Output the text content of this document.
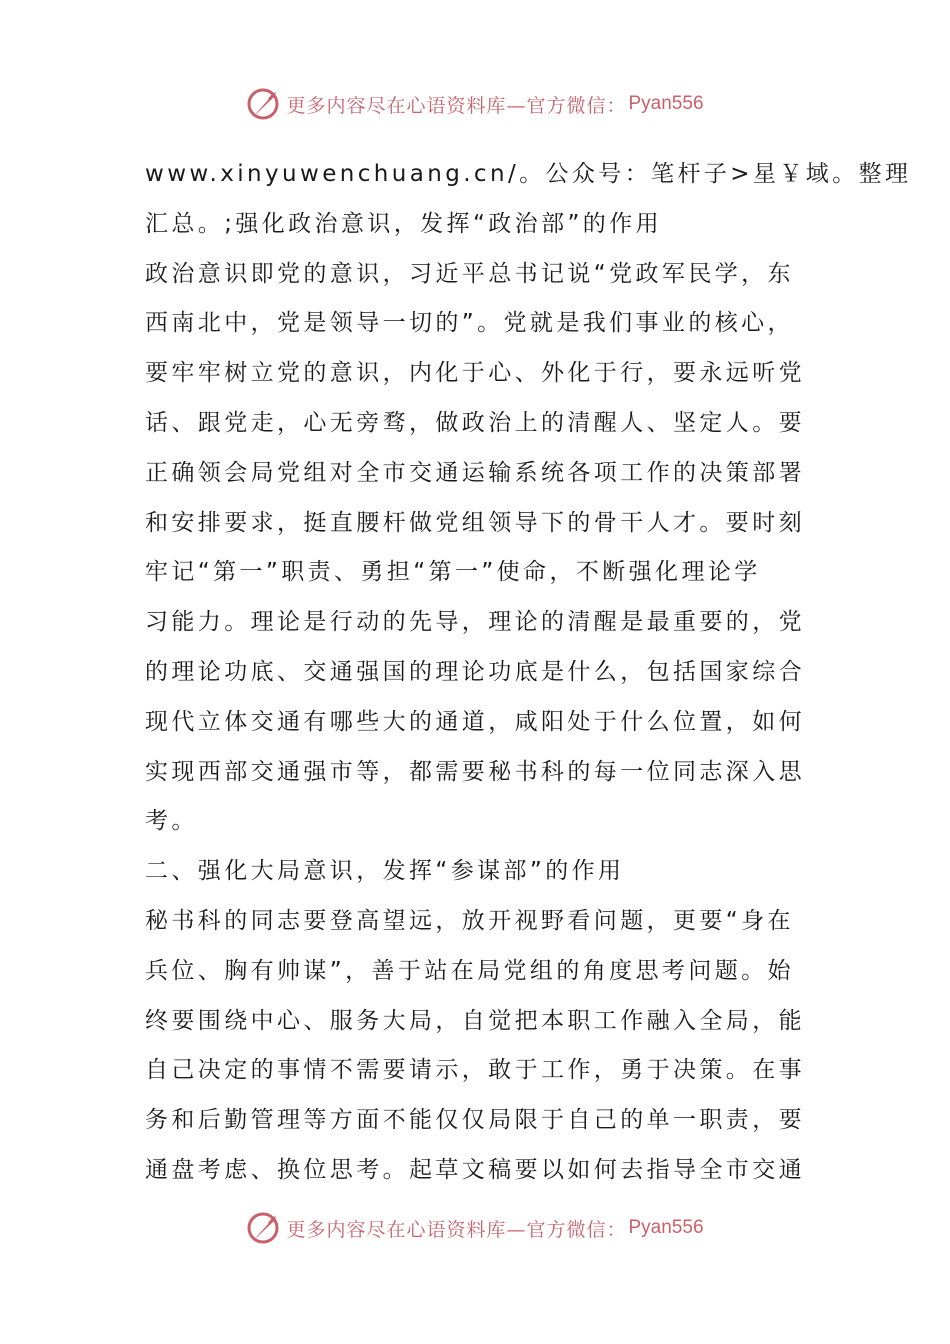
更多内容尽在心语资料库—官方微信： Pyan556
www.xinyuwenchuang.cn/。公众号：笔杆子>星￥域。整理
汇总。;强化政治意识，发挥“政治部”的作用
政治意识即党的意识，习近平总书记说“党政军民学，东
西南北中，党是领导一切的”。党就是我们事业的核心，
要牢牢树立党的意识，内化于心、外化于行，要永远听党
话、跟党走，心无旁骛，做政治上的清醒人、坚定人。要
正确领会局党组对全市交通运输系统各项工作的决策部署
和安排要求，挺直腰杆做党组领导下的骨干人才。要时刻
牢记“第一”职责、勇担“第一”使命，不断强化理论学
习能力。理论是行动的先导，理论的清醒是最重要的，党
的理论功底、交通强国的理论功底是什么，包括国家综合
现代立体交通有哪些大的通道，咸阳处于什么位置，如何
实现西部交通强市等，都需要秘书科的每一位同志深入思
考。
二、强化大局意识，发挥“参谋部”的作用
秘书科的同志要登高望远，放开视野看问题，更要“身在
兵位、胸有帅谋”，善于站在局党组的角度思考问题。始
终要围绕中心、服务大局，自觉把本职工作融入全局，能
自己决定的事情不需要请示，敢于工作，勇于决策。在事
务和后勤管理等方面不能仅仅局限于自己的单一职责，要
通盘考虑、换位思考。起草文稿要以如何去指导全市交通
更多内容尽在心语资料库—官方微信： Pyan556
